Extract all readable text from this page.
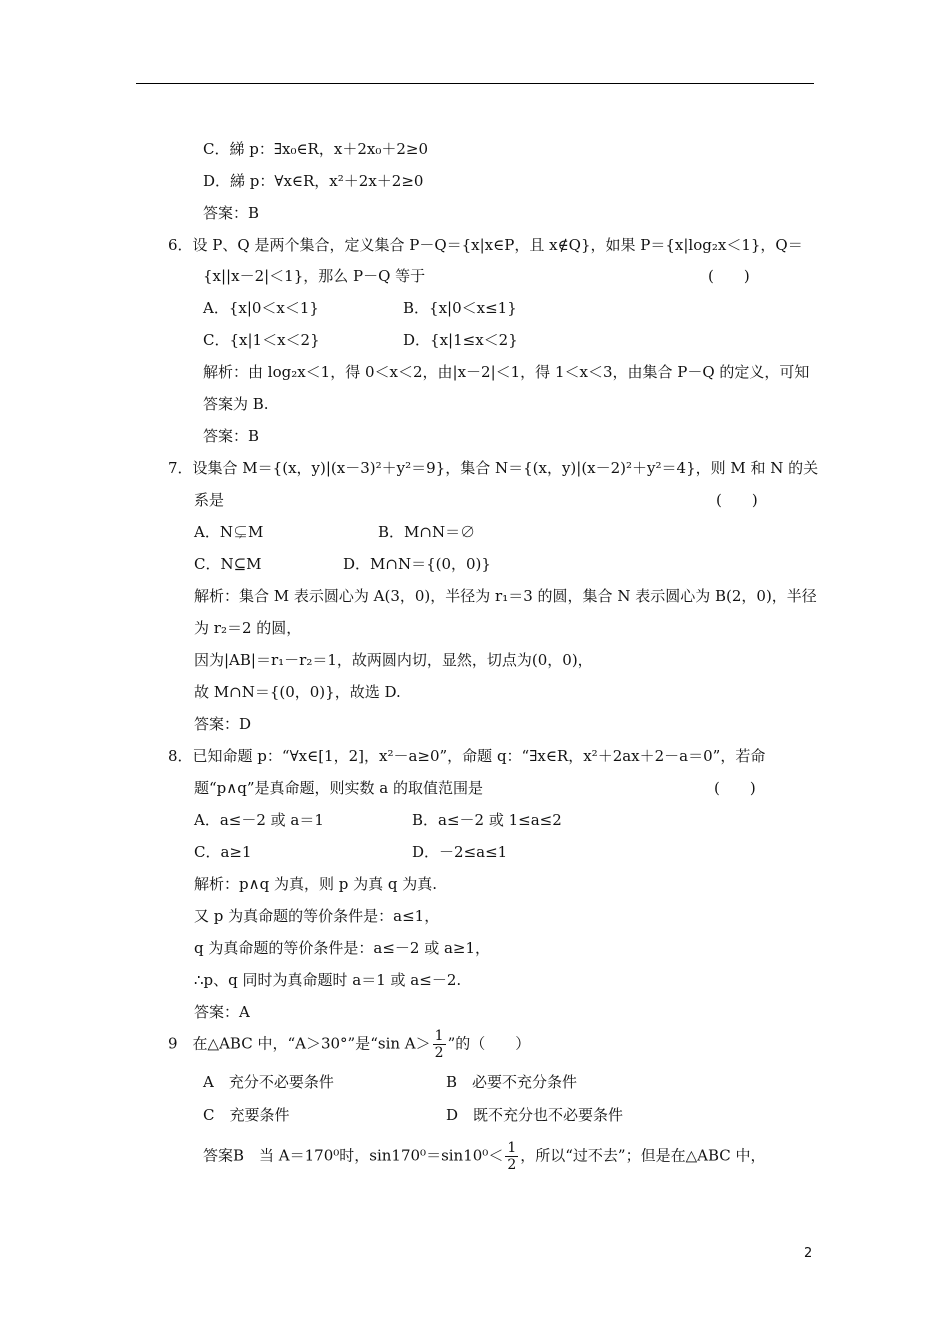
C．綈 p：∃x₀∈R，x＋2x₀＋2≥0
D．綈 p：∀x∈R，x²＋2x＋2≥0
答案：B
6．设 P、Q 是两个集合，定义集合 P－Q＝{x|x∈P，且 x∉Q}，如果 P＝{x|log₂x＜1}，Q＝
{x||x－2|＜1}，那么 P－Q 等于	(　　)
A．{x|0＜x＜1}	B．{x|0＜x≤1}
C．{x|1＜x＜2}	D．{x|1≤x＜2}
解析：由 log₂x＜1，得 0＜x＜2，由|x－2|＜1，得 1＜x＜3，由集合 P－Q 的定义，可知
答案为 B.
答案：B
7．设集合 M＝{(x，y)|(x－3)²＋y²＝9}，集合 N＝{(x，y)|(x－2)²＋y²＝4}，则 M 和 N 的关
系是	(　　)
A．N⊊M	B．M∩N＝∅
C．N⊆M	D．M∩N＝{(0，0)}
解析：集合 M 表示圆心为 A(3，0)，半径为 r₁＝3 的圆，集合 N 表示圆心为 B(2，0)，半径
为 r₂＝2 的圆，
因为|AB|＝r₁－r₂＝1，故两圆内切，显然，切点为(0，0)，
故 M∩N＝{(0，0)}，故选 D.
答案：D
8．已知命题 p：“∀x∈[1，2]，x²－a≥0”，命题 q：“∃x∈R，x²＋2ax＋2－a＝0”，若命
题“p∧q”是真命题，则实数 a 的取值范围是	(　　)
A．a≤－2 或 a＝1	B．a≤－2 或 1≤a≤2
C．a≥1	D．－2≤a≤1
解析：p∧q 为真，则 p 为真 q 为真.
又 p 为真命题的等价条件是：a≤1，
q 为真命题的等价条件是：a≤－2 或 a≥1，
∴p、q 同时为真命题时 a＝1 或 a≤－2.
答案：A
A　充分不必要条件	B　必要不充分条件
C　充要条件	D　既不充分也不必要条件
9　在△ABC 中，“A＞30°”是“sin $A> \frac{1}{2}$ ”的（　　）
答案B　当 A＝170⁰时，$\sin 170^0=\sin 10^0< \frac{1}{2}$ ，所以“过不去”；但是在△ABC 中，
2
